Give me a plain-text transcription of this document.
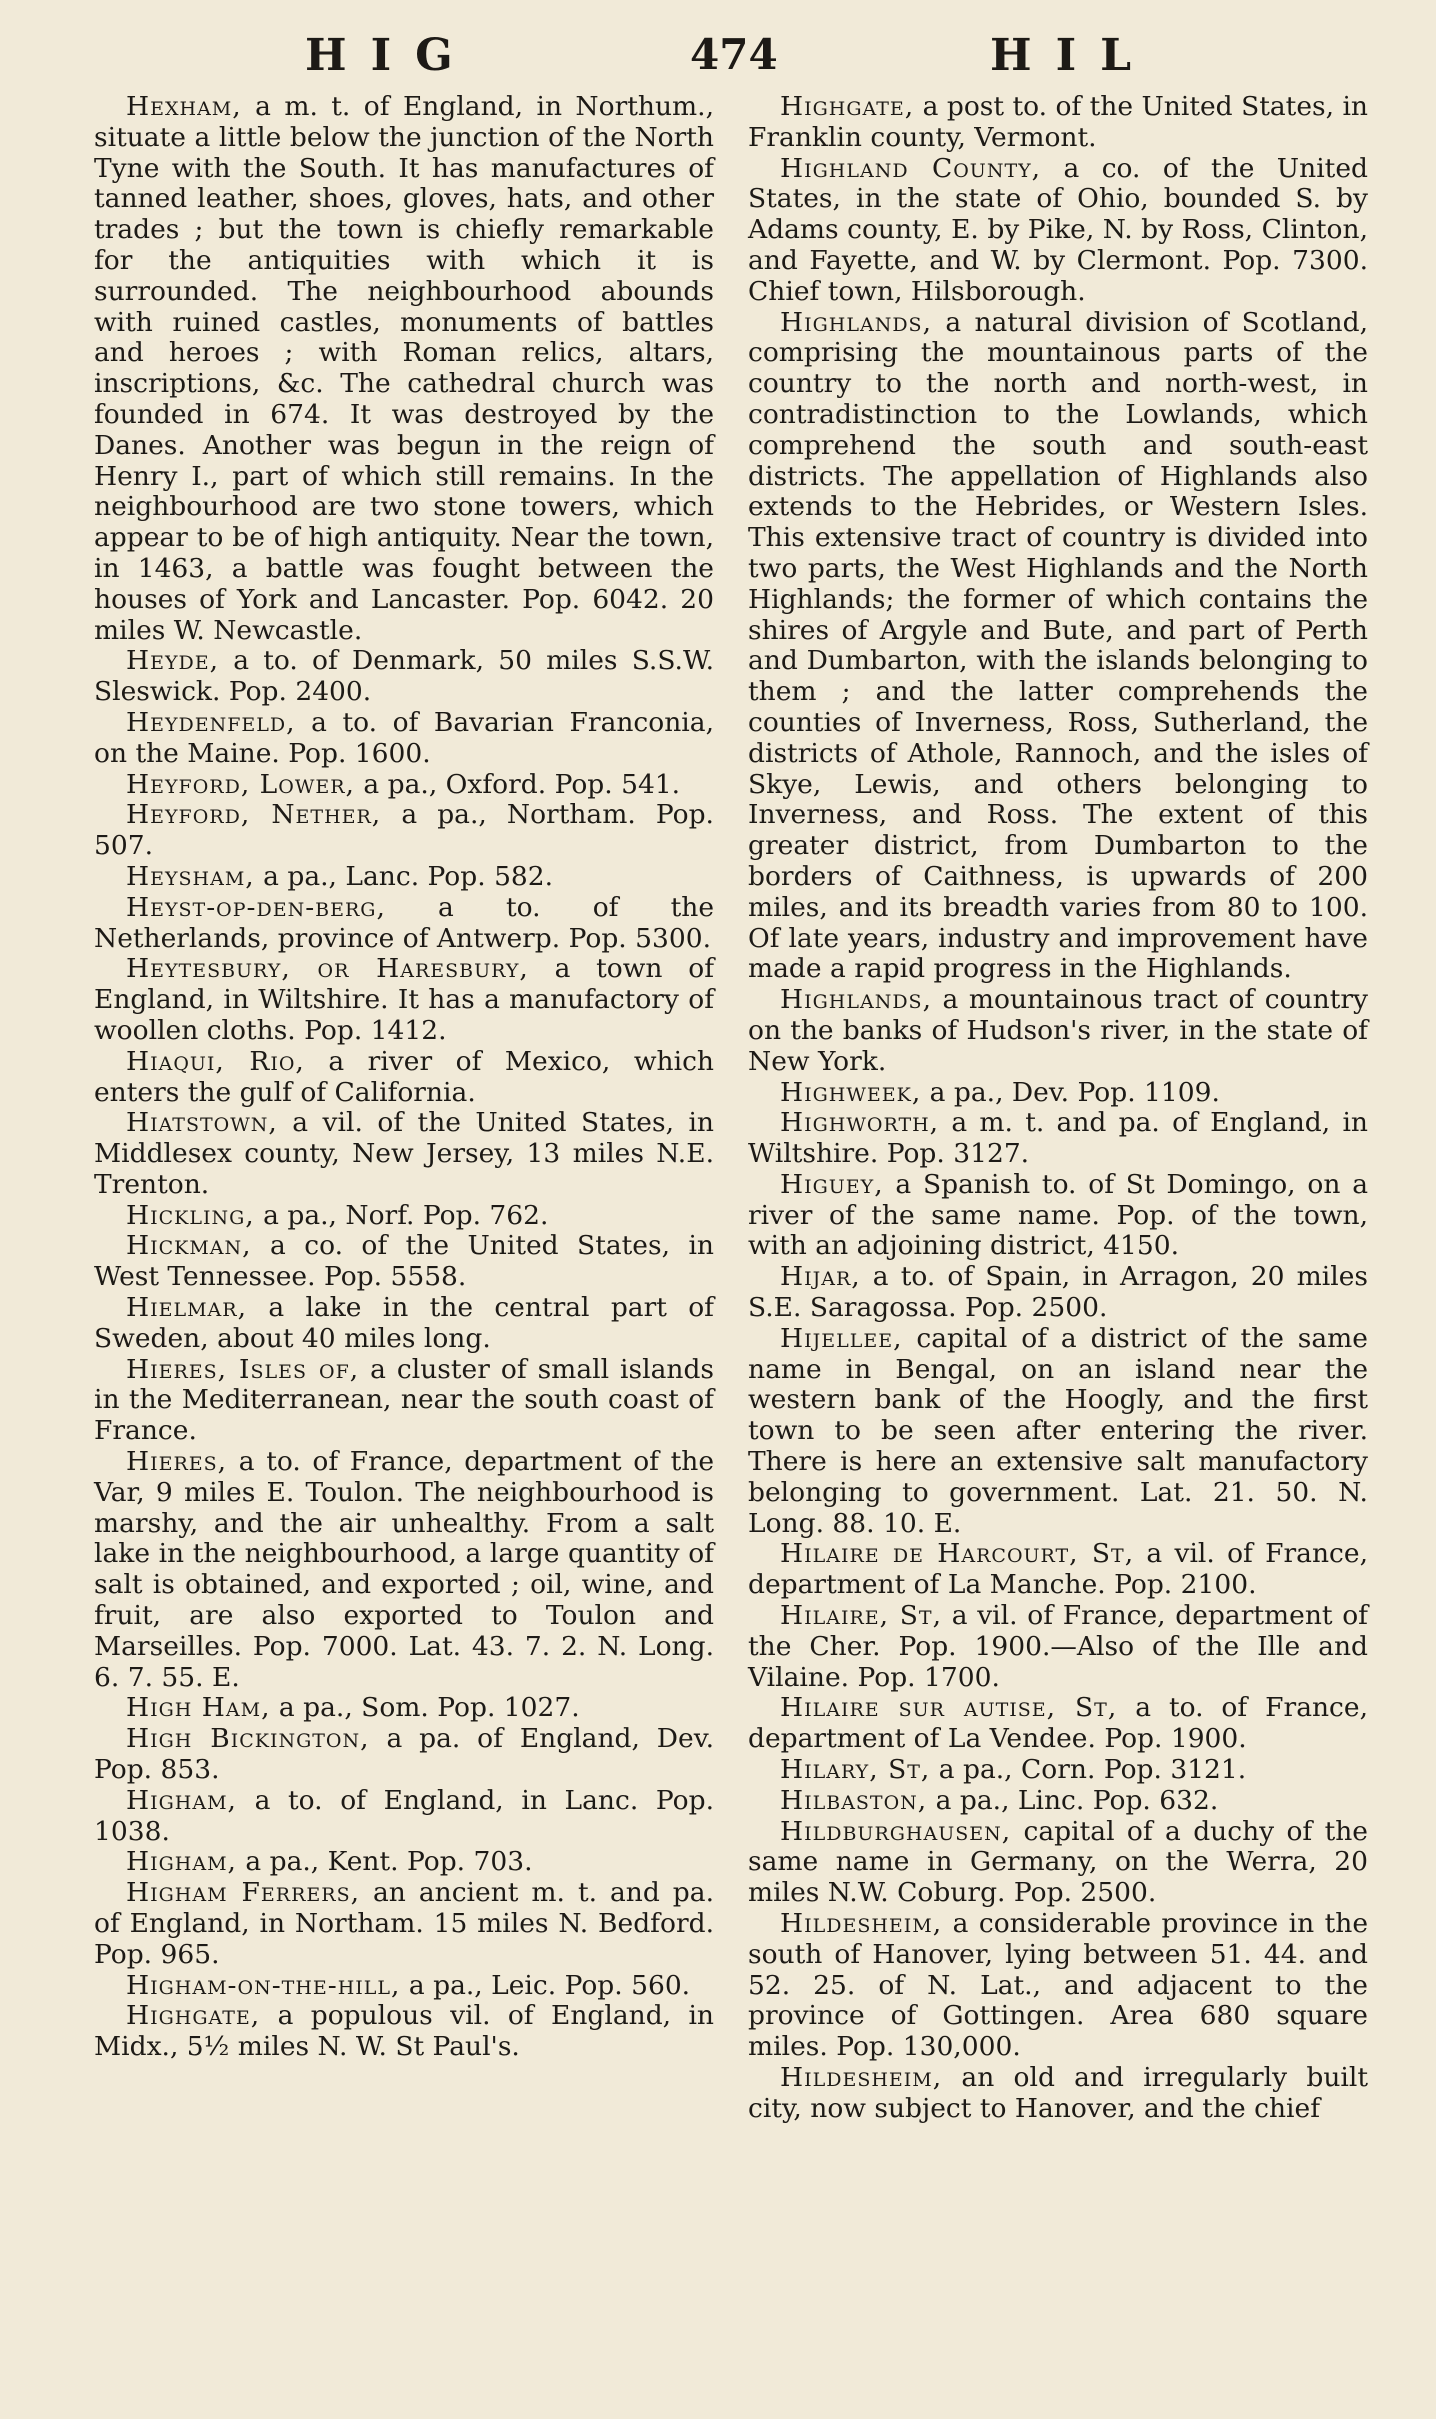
HIG	474	HIL

Hexham, a m. t. of England, in Northum., situate a little below the junction of the North Tyne with the South. It has manufactures of tanned leather, shoes, gloves, hats, and other trades ; but the town is chiefly remarkable for the antiquities with which it is surrounded. The neighbourhood abounds with ruined castles, monuments of battles and heroes ; with Roman relics, altars, inscriptions, &c. The cathedral church was founded in 674. It was destroyed by the Danes. Another was begun in the reign of Henry I., part of which still remains. In the neighbourhood are two stone towers, which appear to be of high antiquity. Near the town, in 1463, a battle was fought between the houses of York and Lancaster. Pop. 6042. 20 miles W. Newcastle.

Heyde, a to. of Denmark, 50 miles S.S.W. Sleswick. Pop. 2400.

Heydenfeld, a to. of Bavarian Franconia, on the Maine. Pop. 1600.

Heyford, Lower, a pa., Oxford. Pop. 541.

Heyford, Nether, a pa., Northam. Pop. 507.

Heysham, a pa., Lanc. Pop. 582.

Heyst-op-den-berg, a to. of the Netherlands, province of Antwerp. Pop. 5300.

Heytesbury, or Haresbury, a town of England, in Wiltshire. It has a manufactory of woollen cloths. Pop. 1412.

Hiaqui, Rio, a river of Mexico, which enters the gulf of California.

Hiatstown, a vil. of the United States, in Middlesex county, New Jersey, 13 miles N.E. Trenton.

Hickling, a pa., Norf. Pop. 762.

Hickman, a co. of the United States, in West Tennessee. Pop. 5558.

Hielmar, a lake in the central part of Sweden, about 40 miles long.

Hieres, Isles of, a cluster of small islands in the Mediterranean, near the south coast of France.

Hieres, a to. of France, department of the Var, 9 miles E. Toulon. The neighbourhood is marshy, and the air unhealthy. From a salt lake in the neighbourhood, a large quantity of salt is obtained, and exported ; oil, wine, and fruit, are also exported to Toulon and Marseilles. Pop. 7000. Lat. 43. 7. 2. N. Long. 6. 7. 55. E.

High Ham, a pa., Som. Pop. 1027.

High Bickington, a pa. of England, Dev. Pop. 853.

Higham, a to. of England, in Lanc. Pop. 1038.

Higham, a pa., Kent. Pop. 703.

Higham Ferrers, an ancient m. t. and pa. of England, in Northam. 15 miles N. Bedford. Pop. 965.

Higham-on-the-hill, a pa., Leic. Pop. 560.

Highgate, a populous vil. of England, in Midx., 5½ miles N. W. St Paul's.

Highgate, a post to. of the United States, in Franklin county, Vermont.

Highland County, a co. of the United States, in the state of Ohio, bounded S. by Adams county, E. by Pike, N. by Ross, Clinton, and Fayette, and W. by Clermont. Pop. 7300. Chief town, Hilsborough.

Highlands, a natural division of Scotland, comprising the mountainous parts of the country to the north and north-west, in contradistinction to the Lowlands, which comprehend the south and south-east districts. The appellation of Highlands also extends to the Hebrides, or Western Isles. This extensive tract of country is divided into two parts, the West Highlands and the North Highlands; the former of which contains the shires of Argyle and Bute, and part of Perth and Dumbarton, with the islands belonging to them ; and the latter comprehends the counties of Inverness, Ross, Sutherland, the districts of Athole, Rannoch, and the isles of Skye, Lewis, and others belonging to Inverness, and Ross. The extent of this greater district, from Dumbarton to the borders of Caithness, is upwards of 200 miles, and its breadth varies from 80 to 100. Of late years, industry and improvement have made a rapid progress in the Highlands.

Highlands, a mountainous tract of country on the banks of Hudson's river, in the state of New York.

Highweek, a pa., Dev. Pop. 1109.

Highworth, a m. t. and pa. of England, in Wiltshire. Pop. 3127.

Higuey, a Spanish to. of St Domingo, on a river of the same name. Pop. of the town, with an adjoining district, 4150.

Hijar, a to. of Spain, in Arragon, 20 miles S.E. Saragossa. Pop. 2500.

Hijellee, capital of a district of the same name in Bengal, on an island near the western bank of the Hoogly, and the first town to be seen after entering the river. There is here an extensive salt manufactory belonging to government. Lat. 21. 50. N. Long. 88. 10. E.

Hilaire de Harcourt, St, a vil. of France, department of La Manche. Pop. 2100.

Hilaire, St, a vil. of France, department of the Cher. Pop. 1900.—Also of the Ille and Vilaine. Pop. 1700.

Hilaire sur autise, St, a to. of France, department of La Vendee. Pop. 1900.

Hilary, St, a pa., Corn. Pop. 3121.

Hilbaston, a pa., Linc. Pop. 632.

Hildburghausen, capital of a duchy of the same name in Germany, on the Werra, 20 miles N.W. Coburg. Pop. 2500.

Hildesheim, a considerable province in the south of Hanover, lying between 51. 44. and 52. 25. of N. Lat., and adjacent to the province of Gottingen. Area 680 square miles. Pop. 130,000.

Hildesheim, an old and irregularly built city, now subject to Hanover, and the chief
